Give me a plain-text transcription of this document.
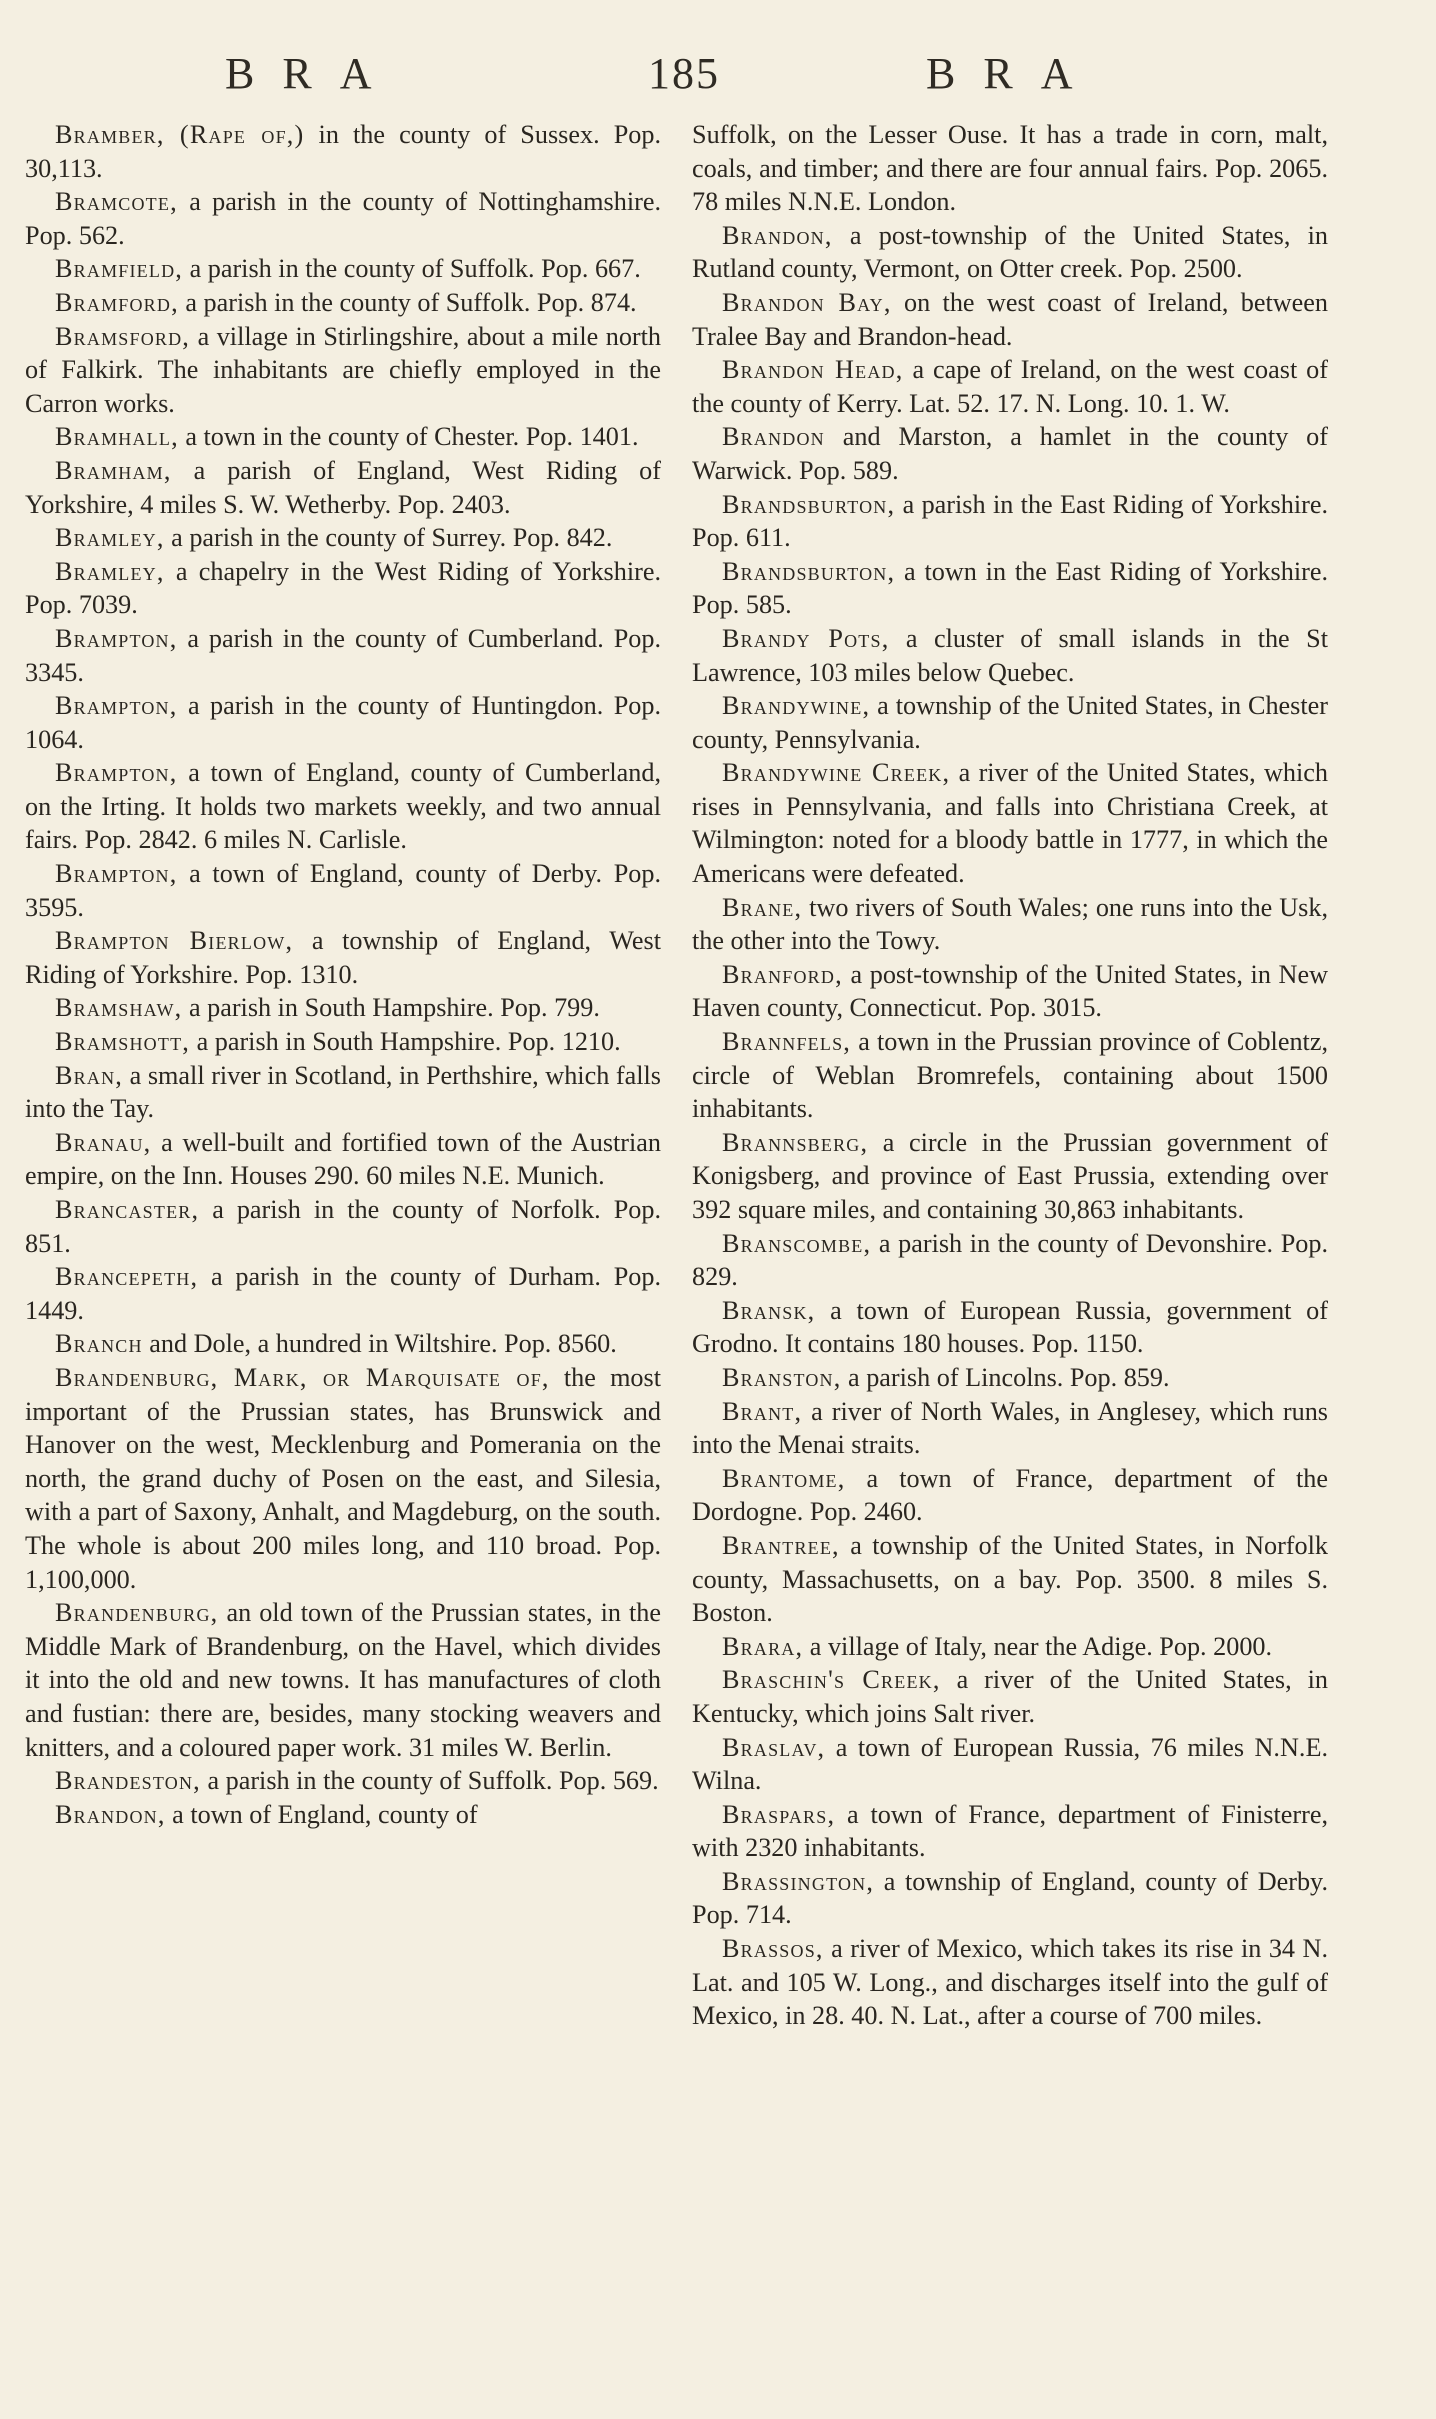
BRA	185	BRA

Bramber, (Rape of,) in the county of Sussex. Pop. 30,113.

Bramcote, a parish in the county of Nottinghamshire. Pop. 562.

Bramfield, a parish in the county of Suffolk. Pop. 667.

Bramford, a parish in the county of Suffolk. Pop. 874.

Bramsford, a village in Stirlingshire, about a mile north of Falkirk. The inhabitants are chiefly employed in the Carron works.

Bramhall, a town in the county of Chester. Pop. 1401.

Bramham, a parish of England, West Riding of Yorkshire, 4 miles S. W. Wetherby. Pop. 2403.

Bramley, a parish in the county of Surrey. Pop. 842.

Bramley, a chapelry in the West Riding of Yorkshire. Pop. 7039.

Brampton, a parish in the county of Cumberland. Pop. 3345.

Brampton, a parish in the county of Huntingdon. Pop. 1064.

Brampton, a town of England, county of Cumberland, on the Irting. It holds two markets weekly, and two annual fairs. Pop. 2842. 6 miles N. Carlisle.

Brampton, a town of England, county of Derby. Pop. 3595.

Brampton Bierlow, a township of England, West Riding of Yorkshire. Pop. 1310.

Bramshaw, a parish in South Hampshire. Pop. 799.

Bramshott, a parish in South Hampshire. Pop. 1210.

Bran, a small river in Scotland, in Perthshire, which falls into the Tay.

Branau, a well-built and fortified town of the Austrian empire, on the Inn. Houses 290. 60 miles N.E. Munich.

Brancaster, a parish in the county of Norfolk. Pop. 851.

Brancepeth, a parish in the county of Durham. Pop. 1449.

Branch and Dole, a hundred in Wiltshire. Pop. 8560.

Brandenburg, Mark, or Marquisate of, the most important of the Prussian states, has Brunswick and Hanover on the west, Mecklenburg and Pomerania on the north, the grand duchy of Posen on the east, and Silesia, with a part of Saxony, Anhalt, and Magdeburg, on the south. The whole is about 200 miles long, and 110 broad. Pop. 1,100,000.

Brandenburg, an old town of the Prussian states, in the Middle Mark of Brandenburg, on the Havel, which divides it into the old and new towns. It has manufactures of cloth and fustian: there are, besides, many stocking weavers and knitters, and a coloured paper work. 31 miles W. Berlin.

Brandeston, a parish in the county of Suffolk. Pop. 569.

Brandon, a town of England, county of

Suffolk, on the Lesser Ouse. It has a trade in corn, malt, coals, and timber; and there are four annual fairs. Pop. 2065. 78 miles N.N.E. London.

Brandon, a post-township of the United States, in Rutland county, Vermont, on Otter creek. Pop. 2500.

Brandon Bay, on the west coast of Ireland, between Tralee Bay and Brandon-head.

Brandon Head, a cape of Ireland, on the west coast of the county of Kerry. Lat. 52. 17. N. Long. 10. 1. W.

Brandon and Marston, a hamlet in the county of Warwick. Pop. 589.

Brandsburton, a parish in the East Riding of Yorkshire. Pop. 611.

Brandsburton, a town in the East Riding of Yorkshire. Pop. 585.

Brandy Pots, a cluster of small islands in the St Lawrence, 103 miles below Quebec.

Brandywine, a township of the United States, in Chester county, Pennsylvania.

Brandywine Creek, a river of the United States, which rises in Pennsylvania, and falls into Christiana Creek, at Wilmington: noted for a bloody battle in 1777, in which the Americans were defeated.

Brane, two rivers of South Wales; one runs into the Usk, the other into the Towy.

Branford, a post-township of the United States, in New Haven county, Connecticut. Pop. 3015.

Brannfels, a town in the Prussian province of Coblentz, circle of Weblan Bromrefels, containing about 1500 inhabitants.

Brannsberg, a circle in the Prussian government of Konigsberg, and province of East Prussia, extending over 392 square miles, and containing 30,863 inhabitants.

Branscombe, a parish in the county of Devonshire. Pop. 829.

Bransk, a town of European Russia, government of Grodno. It contains 180 houses. Pop. 1150.

Branston, a parish of Lincolns. Pop. 859.

Brant, a river of North Wales, in Anglesey, which runs into the Menai straits.

Brantome, a town of France, department of the Dordogne. Pop. 2460.

Brantree, a township of the United States, in Norfolk county, Massachusetts, on a bay. Pop. 3500. 8 miles S. Boston.

Brara, a village of Italy, near the Adige. Pop. 2000.

Braschin's Creek, a river of the United States, in Kentucky, which joins Salt river.

Braslav, a town of European Russia, 76 miles N.N.E. Wilna.

Braspars, a town of France, department of Finisterre, with 2320 inhabitants.

Brassington, a township of England, county of Derby. Pop. 714.

Brassos, a river of Mexico, which takes its rise in 34 N. Lat. and 105 W. Long., and discharges itself into the gulf of Mexico, in 28. 40. N. Lat., after a course of 700 miles.
